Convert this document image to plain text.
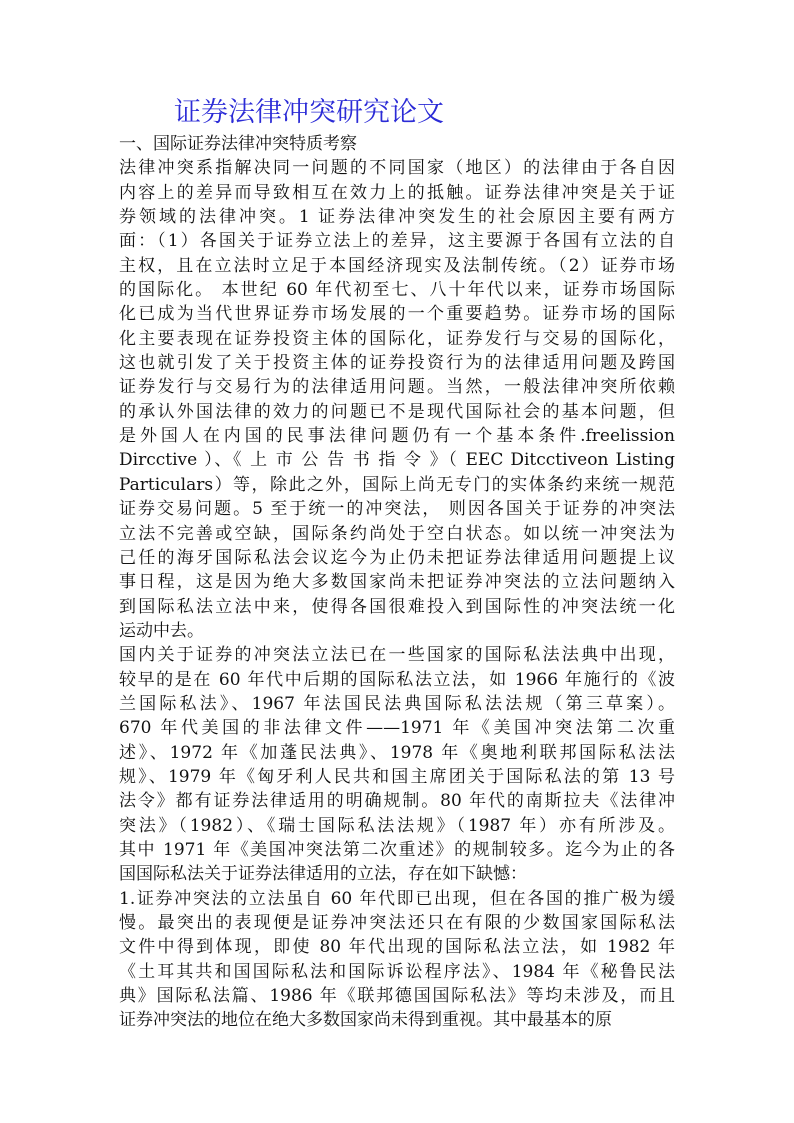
证券法律冲突研究论文
一、国际证券法律冲突特质考察
法律冲突系指解决同一问题的不同国家（地区）的法律由于各自因
内容上的差异而导致相互在效力上的抵触。证券法律冲突是关于证
券领域的法律冲突。1 证券法律冲突发生的社会原因主要有两方
面：（1）各国关于证券立法上的差异，这主要源于各国有立法的自
主权，且在立法时立足于本国经济现实及法制传统。（2）证券市场
的国际化。 本世纪 60 年代初至七、八十年代以来，证券市场国际
化已成为当代世界证券市场发展的一个重要趋势。证券市场的国际
化主要表现在证券投资主体的国际化，证券发行与交易的国际化，
这也就引发了关于投资主体的证券投资行为的法律适用问题及跨国
证券发行与交易行为的法律适用问题。当然，一般法律冲突所依赖
的承认外国法律的效力的问题已不是现代国际社会的基本问题，但
是外国人在内国的民事法律问题仍有一个基本条件.freelission
Dircctive ）、《 上 市 公 告 书 指 令 》（ EEC Ditcctiveon Listing
Particulars）等，除此之外，国际上尚无专门的实体条约来统一规范
证券交易问题。5 至于统一的冲突法， 则因各国关于证券的冲突法
立法不完善或空缺，国际条约尚处于空白状态。如以统一冲突法为
己任的海牙国际私法会议迄今为止仍未把证券法律适用问题提上议
事日程，这是因为绝大多数国家尚未把证券冲突法的立法问题纳入
到国际私法立法中来，使得各国很难投入到国际性的冲突法统一化
运动中去。
国内关于证券的冲突法立法已在一些国家的国际私法法典中出现，
较早的是在 60 年代中后期的国际私法立法，如 1966 年施行的《波
兰国际私法》、1967 年法国民法典国际私法法规（第三草案）。
670 年代美国的非法律文件——1971 年《美国冲突法第二次重
述》、1972 年《加蓬民法典》、1978 年《奥地利联邦国际私法法
规》、1979 年《匈牙利人民共和国主席团关于国际私法的第 13 号
法令》都有证券法律适用的明确规制。80 年代的南斯拉夫《法律冲
突法》（1982）、《瑞士国际私法法规》（1987 年）亦有所涉及。
其中 1971 年《美国冲突法第二次重述》的规制较多。迄今为止的各
国国际私法关于证券法律适用的立法，存在如下缺憾：
1.证券冲突法的立法虽自 60 年代即已出现，但在各国的推广极为缓
慢。最突出的表现便是证券冲突法还只在有限的少数国家国际私法
文件中得到体现，即使 80 年代出现的国际私法立法，如 1982 年
《土耳其共和国国际私法和国际诉讼程序法》、1984 年《秘鲁民法
典》国际私法篇、1986 年《联邦德国国际私法》等均未涉及，而且
证券冲突法的地位在绝大多数国家尚未得到重视。其中最基本的原
